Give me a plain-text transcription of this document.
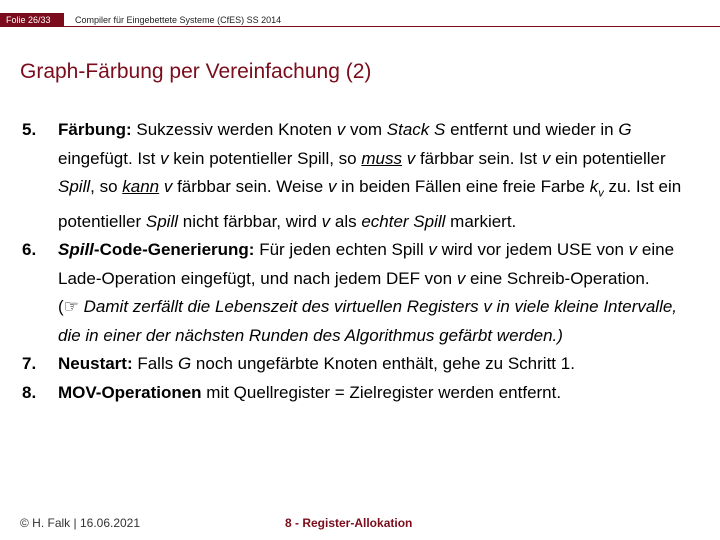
Folie 26/33	Compiler für Eingebettete Systeme (CfES) SS 2014
Graph-Färbung per Vereinfachung (2)
5. Färbung: Sukzessiv werden Knoten v vom Stack S entfernt und wieder in G eingefügt. Ist v kein potentieller Spill, so muss v färbbar sein. Ist v ein potentieller Spill, so kann v färbbar sein. Weise v in beiden Fällen eine freie Farbe $k_v$ zu. Ist ein potentieller Spill nicht färbbar, wird v als echter Spill markiert.
6. Spill-Code-Generierung: Für jeden echten Spill v wird vor jedem USE von v eine Lade-Operation eingefügt, und nach jedem DEF von v eine Schreib-Operation.
(☞ Damit zerfällt die Lebenszeit des virtuellen Registers v in viele kleine Intervalle, die in einer der nächsten Runden des Algorithmus gefärbt werden.)
7. Neustart: Falls G noch ungefärbte Knoten enthält, gehe zu Schritt 1.
8. MOV-Operationen mit Quellregister = Zielregister werden entfernt.
© H. Falk | 16.06.2021	8 - Register-Allokation
